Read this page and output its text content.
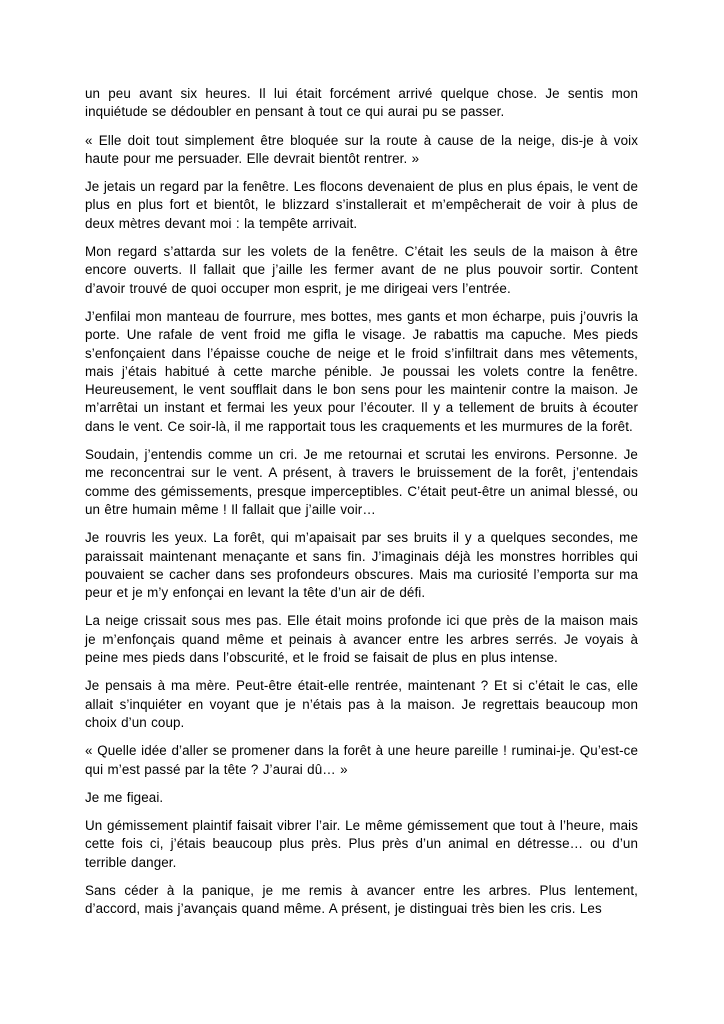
un peu avant six heures. Il lui était forcément arrivé quelque chose. Je sentis mon inquiétude se dédoubler en pensant à tout ce qui aurai pu se passer.

« Elle doit tout simplement être bloquée sur la route à cause de la neige, dis-je à voix haute pour me persuader. Elle devrait bientôt rentrer. »

Je jetais un regard par la fenêtre. Les flocons devenaient de plus en plus épais, le vent de plus en plus fort et bientôt, le blizzard s’installerait et m’empêcherait de voir à plus de deux mètres devant moi : la tempête arrivait.

Mon regard s’attarda sur les volets de la fenêtre. C’était les seuls de la maison à être encore ouverts. Il fallait que j’aille les fermer avant de ne plus pouvoir sortir. Content d’avoir trouvé de quoi occuper mon esprit, je me dirigeai vers l’entrée.

J’enfilai mon manteau de fourrure, mes bottes, mes gants et mon écharpe, puis j’ouvris la porte. Une rafale de vent froid me gifla le visage. Je rabattis ma capuche. Mes pieds s’enfonçaient dans l’épaisse couche de neige et le froid s’infiltrait dans mes vêtements, mais j’étais habitué à cette marche pénible. Je poussai les volets contre la fenêtre. Heureusement, le vent soufflait dans le bon sens pour les maintenir contre la maison. Je m’arrêtai un instant et fermai les yeux pour l’écouter. Il y a tellement de bruits à écouter dans le vent. Ce soir-là, il me rapportait tous les craquements et les murmures de la forêt.

Soudain, j’entendis comme un cri. Je me retournai et scrutai les environs. Personne. Je me reconcentrai sur le vent. A présent, à travers le bruissement de la forêt, j’entendais comme des gémissements, presque imperceptibles. C’était peut-être un animal blessé, ou un être humain même ! Il fallait que j’aille voir…

Je rouvris les yeux. La forêt, qui m’apaisait par ses bruits il y a quelques secondes, me paraissait maintenant menaçante et sans fin. J’imaginais déjà les monstres horribles qui pouvaient se cacher dans ses profondeurs obscures. Mais ma curiosité l’emporta sur ma peur et je m’y enfonçai en levant la tête d’un air de défi.

La neige crissait sous mes pas. Elle était moins profonde ici que près de la maison mais je m’enfonçais quand même et peinais à avancer entre les arbres serrés. Je voyais à peine mes pieds dans l’obscurité, et le froid se faisait de plus en plus intense.

Je pensais à ma mère. Peut-être était-elle rentrée, maintenant ? Et si c’était le cas, elle allait s’inquiéter en voyant que je n’étais pas à la maison. Je regrettais beaucoup mon choix d’un coup.

« Quelle idée d’aller se promener dans la forêt à une heure pareille ! ruminai-je. Qu’est-ce qui m’est passé par la tête ? J’aurai dû… »

Je me figeai.

Un gémissement plaintif faisait vibrer l’air. Le même gémissement que tout à l’heure, mais cette fois ci, j’étais beaucoup plus près. Plus près d’un animal en détresse… ou d’un terrible danger.

Sans céder à la panique, je me remis à avancer entre les arbres. Plus lentement, d’accord, mais j’avançais quand même. A présent, je distinguai très bien les cris. Les
